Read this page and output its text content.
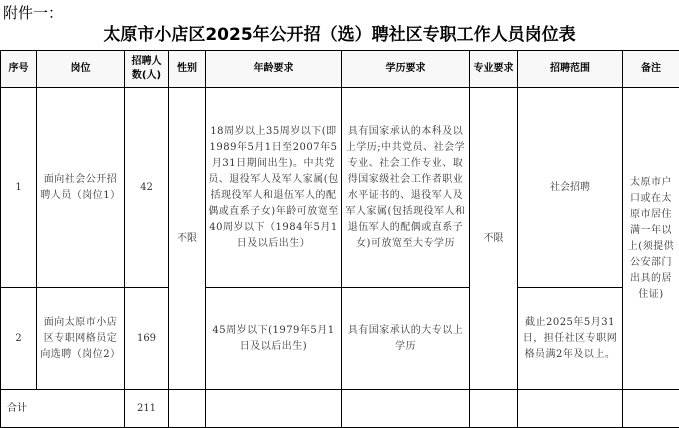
附件一：
太原市小店区2025年公开招（选）聘社区专职工作人员岗位表
序号	岗位	招聘人数(人)	性别	年龄要求	学历要求	专业要求	招聘范围	备注
1	面向社会公开招聘人员（岗位1）	42	不限	18周岁以上35周岁以下(即1989年5月1日至2007年5月31日期间出生)。中共党员、退役军人及军人家属(包括现役军人和退伍军人的配偶或直系子女)年龄可放宽至40周岁以下（1984年5月1日及以后出生）	具有国家承认的本科及以上学历;中共党员、社会学专业、社会工作专业、取得国家级社会工作者职业水平证书的、退役军人及军人家属(包括现役军人和退伍军人的配偶或直系子女)可放宽至大专学历	不限	社会招聘	太原市户口或在太原市居住满一年以上(须提供公安部门出具的居住证)
2	面向太原市小店区专职网格员定向选聘（岗位2）	169		45周岁以下(1979年5月1日及以后出生)	具有国家承认的大专以上学历		截止2025年5月31日，担任社区专职网格员满2年及以上。	
合计		211						
